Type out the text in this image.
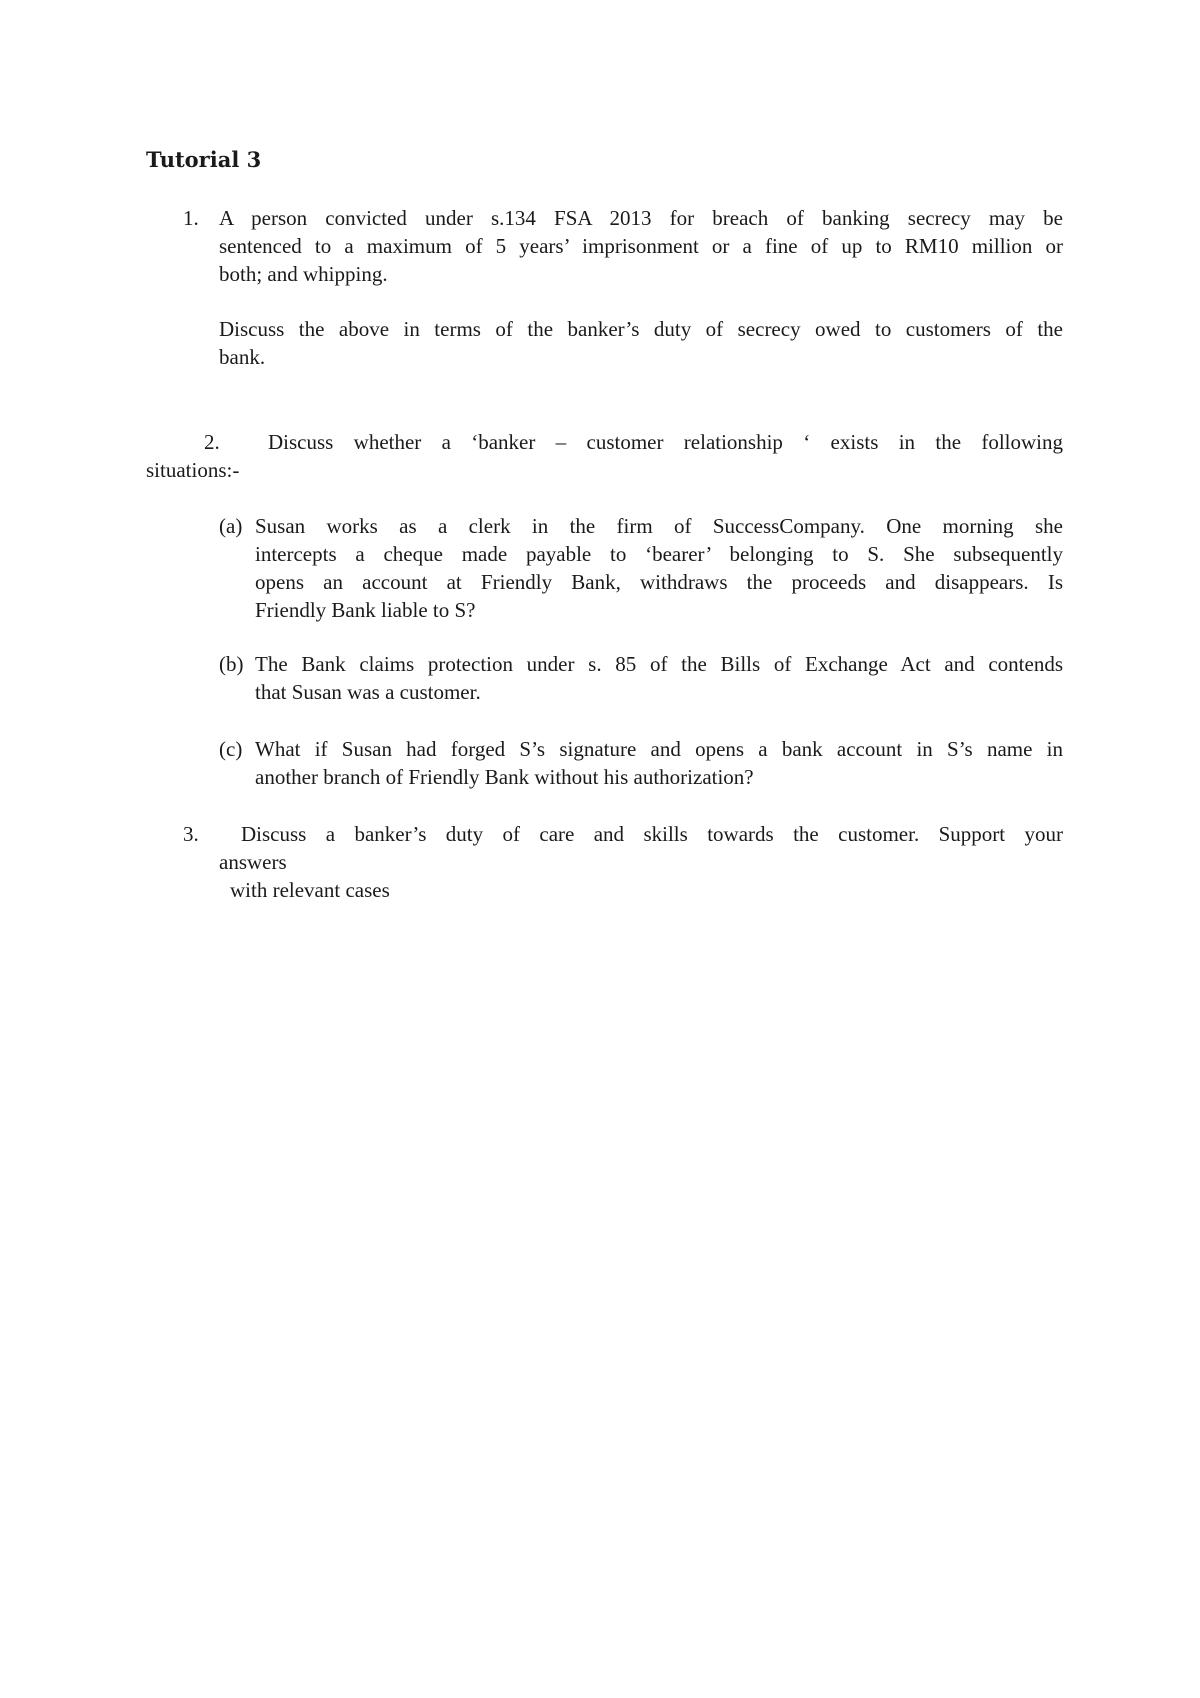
Tutorial 3
1. A person convicted under s.134 FSA 2013 for breach of banking secrecy may be
sentenced to a maximum of 5 years’ imprisonment or a fine of up to RM10 million or
both; and whipping.
Discuss the above in terms of the banker’s duty of secrecy owed to customers of the
bank.
2. Discuss whether a ‘banker – customer relationship ‘ exists in the following
situations:-
(a) Susan works as a clerk in the firm of SuccessCompany. One morning she
intercepts a cheque made payable to ‘bearer’ belonging to S. She subsequently
opens an account at Friendly Bank, withdraws the proceeds and disappears. Is
Friendly Bank liable to S?
(b) The Bank claims protection under s. 85 of the Bills of Exchange Act and contends
that Susan was a customer.
(c) What if Susan had forged S’s signature and opens a bank account in S’s name in
another branch of Friendly Bank without his authorization?
3. Discuss a banker’s duty of care and skills towards the customer. Support your
answers
with relevant cases
